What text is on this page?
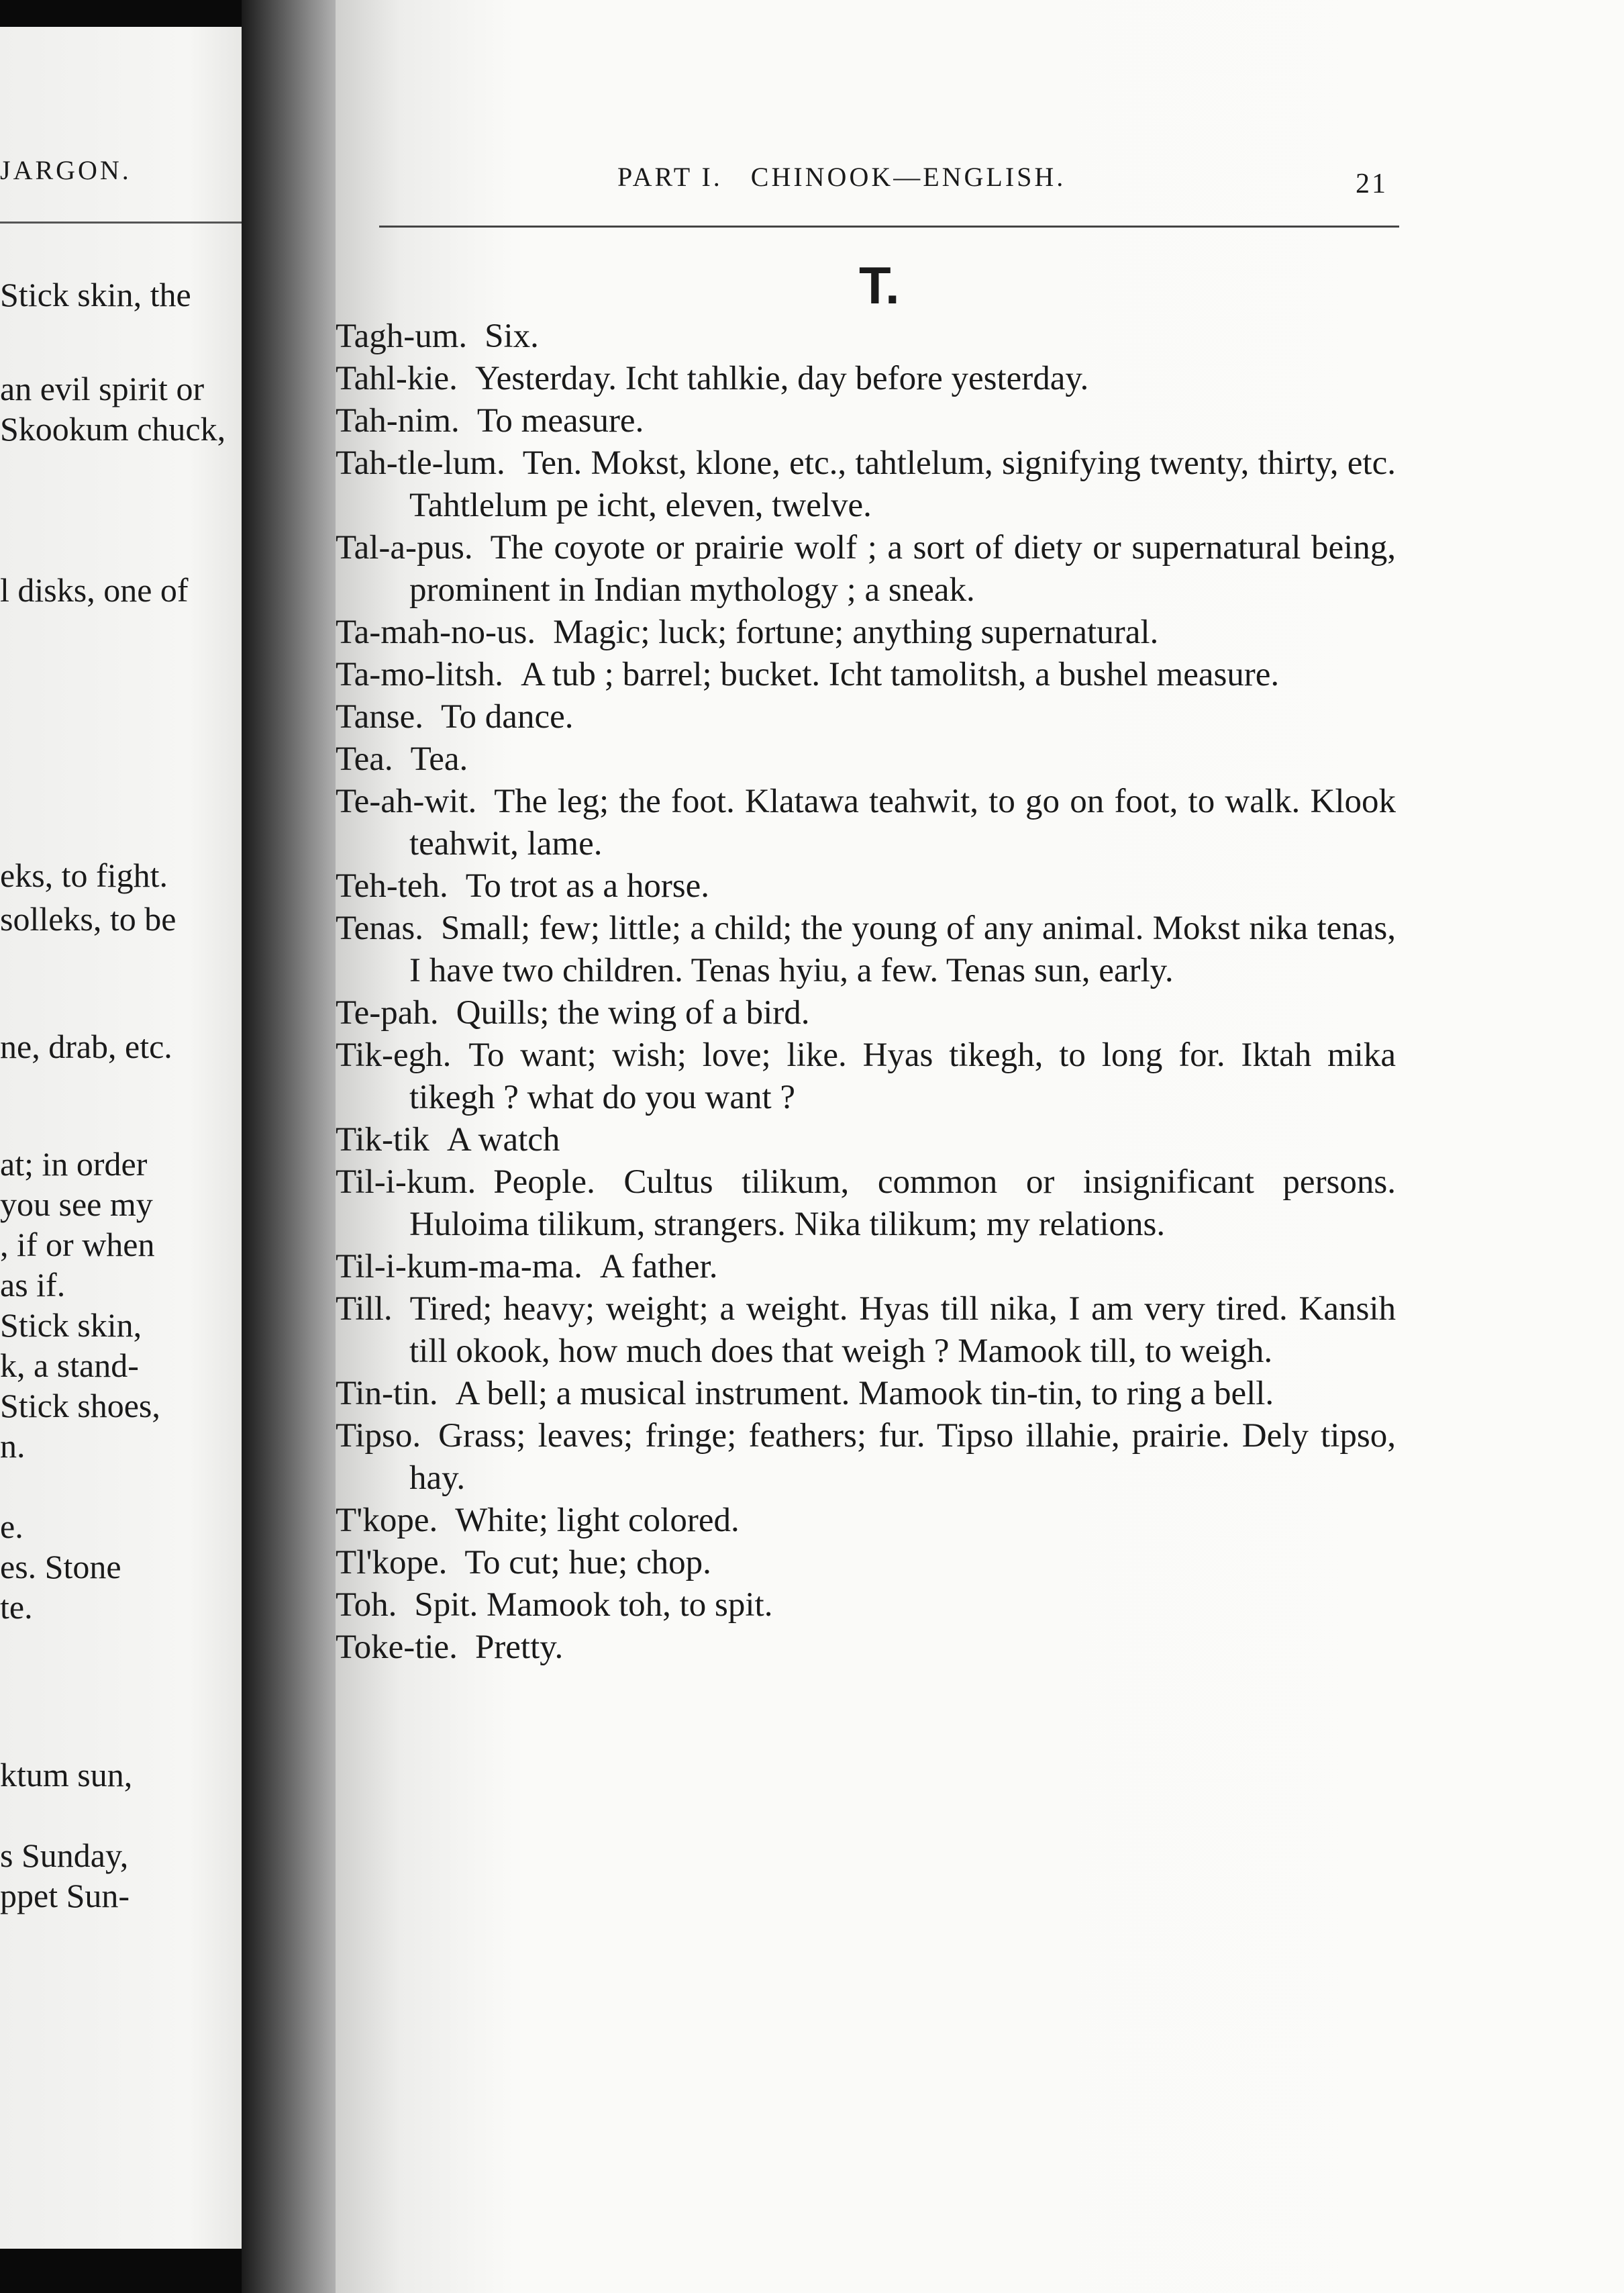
JARGON.
Stick skin, the
an evil spirit or
Skookum chuck,
l disks, one of
eks, to fight.
solleks, to be
ne, drab, etc.
at; in order
you see my
, if or when
as if.
Stick skin,
k, a stand-
Stick shoes,
n.
e.
es. Stone
te.
ktum sun,
s Sunday,
ppet Sun-
PART I. CHINOOK—ENGLISH.	21
T.
Tagh-um. Six.
Tahl-kie. Yesterday. Icht tahlkie, day before yesterday.
Tah-nim. To measure.
Tah-tle-lum. Ten. Mokst, klone, etc., tahtlelum, signifying twenty, thirty, etc. Tahtlelum pe icht, eleven, twelve.
Tal-a-pus. The coyote or prairie wolf ; a sort of diety or supernatural being, prominent in Indian mythology ; a sneak.
Ta-mah-no-us. Magic; luck; fortune; anything supernatural.
Ta-mo-litsh. A tub ; barrel; bucket. Icht tamolitsh, a bushel measure.
Tanse. To dance.
Tea. Tea.
Te-ah-wit. The leg; the foot. Klatawa teahwit, to go on foot, to walk. Klook teahwit, lame.
Teh-teh. To trot as a horse.
Tenas. Small; few; little; a child; the young of any animal. Mokst nika tenas, I have two children. Tenas hyiu, a few. Tenas sun, early.
Te-pah. Quills; the wing of a bird.
Tik-egh. To want; wish; love; like. Hyas tikegh, to long for. Iktah mika tikegh ? what do you want ?
Tik-tik A watch
Til-i-kum. People. Cultus tilikum, common or insignificant persons. Huloima tilikum, strangers. Nika tilikum; my relations.
Til-i-kum-ma-ma. A father.
Till. Tired; heavy; weight; a weight. Hyas till nika, I am very tired. Kansih till okook, how much does that weigh ? Mamook till, to weigh.
Tin-tin. A bell; a musical instrument. Mamook tin-tin, to ring a bell.
Tipso. Grass; leaves; fringe; feathers; fur. Tipso illahie, prairie. Dely tipso, hay.
T'kope. White; light colored.
Tl'kope. To cut; hue; chop.
Toh. Spit. Mamook toh, to spit.
Toke-tie. Pretty.
